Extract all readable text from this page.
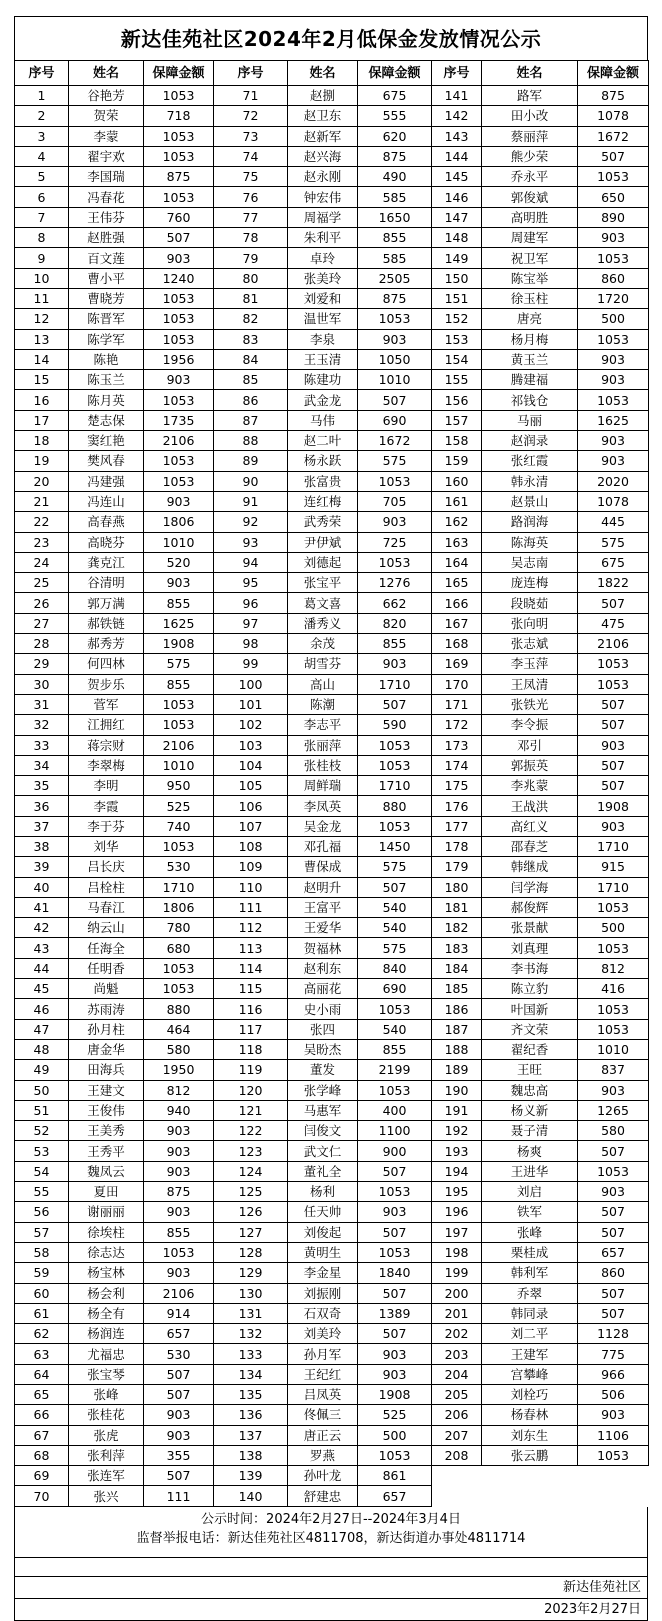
新达佳苑社区2024年2月低保金发放情况公示
序号	姓名	保障金额	序号	姓名	保障金额	序号	姓名	保障金额
1	谷艳芳	1053	71	赵捌	675	141	路军	875
2	贺荣	718	72	赵卫东	555	142	田小改	1078
3	李蒙	1053	73	赵新军	620	143	蔡丽萍	1672
4	翟宇欢	1053	74	赵兴海	875	144	熊少荣	507
5	李国瑞	875	75	赵永刚	490	145	乔永平	1053
6	冯春花	1053	76	钟宏伟	585	146	郭俊斌	650
7	王伟芬	760	77	周福学	1650	147	高明胜	890
8	赵胜强	507	78	朱利平	855	148	周建军	903
9	百文莲	903	79	卓玲	585	149	祝卫军	1053
10	曹小平	1240	80	张美玲	2505	150	陈宝举	860
11	曹晓芳	1053	81	刘爱和	875	151	徐玉柱	1720
12	陈晋军	1053	82	温世军	1053	152	唐亮	500
13	陈学军	1053	83	李泉	903	153	杨月梅	1053
14	陈艳	1956	84	王玉清	1050	154	黄玉兰	903
15	陈玉兰	903	85	陈建功	1010	155	腾建福	903
16	陈月英	1053	86	武金龙	507	156	祁钱仓	1053
17	楚志保	1735	87	马伟	690	157	马丽	1625
18	窦红艳	2106	88	赵二叶	1672	158	赵润录	903
19	樊风春	1053	89	杨永跃	575	159	张红霞	903
20	冯建强	1053	90	张富贵	1053	160	韩永清	2020
21	冯连山	903	91	连红梅	705	161	赵景山	1078
22	高春燕	1806	92	武秀荣	903	162	路润海	445
23	高晓芬	1010	93	尹伊斌	725	163	陈海英	575
24	龚克江	520	94	刘德起	1053	164	吴志南	675
25	谷清明	903	95	张宝平	1276	165	庞连梅	1822
26	郭万满	855	96	葛文喜	662	166	段晓茹	507
27	郝铁链	1625	97	潘秀义	820	167	张向明	475
28	郝秀芳	1908	98	余茂	855	168	张志斌	2106
29	何四林	575	99	胡雪芬	903	169	李玉萍	1053
30	贺步乐	855	100	高山	1710	170	王凤清	1053
31	菅军	1053	101	陈潮	507	171	张铁光	507
32	江拥红	1053	102	李志平	590	172	李令振	507
33	蒋宗财	2106	103	张丽萍	1053	173	邓引	903
34	李翠梅	1010	104	张桂枝	1053	174	郭振英	507
35	李明	950	105	周鲜瑞	1710	175	李兆蒙	507
36	李霞	525	106	李凤英	880	176	王战洪	1908
37	李于芬	740	107	吴金龙	1053	177	高红义	903
38	刘华	1053	108	邓孔福	1450	178	邵春芝	1710
39	吕长庆	530	109	曹保成	575	179	韩继成	915
40	吕栓柱	1710	110	赵明升	507	180	闫学海	1710
41	马春江	1806	111	王富平	540	181	郝俊辉	1053
42	纳云山	780	112	王爱华	540	182	张景献	500
43	任海全	680	113	贺福林	575	183	刘真理	1053
44	任明香	1053	114	赵利东	840	184	李书海	812
45	尚魁	1053	115	高丽花	690	185	陈立豹	416
46	苏雨涛	880	116	史小雨	1053	186	叶国新	1053
47	孙月柱	464	117	张四	540	187	齐文荣	1053
48	唐金华	580	118	吴盼杰	855	188	翟纪香	1010
49	田海兵	1950	119	董发	2199	189	王旺	837
50	王建文	812	120	张学峰	1053	190	魏忠高	903
51	王俊伟	940	121	马惠军	400	191	杨义新	1265
52	王美秀	903	122	闫俊文	1100	192	聂子清	580
53	王秀平	903	123	武文仁	900	193	杨爽	507
54	魏凤云	903	124	董礼全	507	194	王进华	1053
55	夏田	875	125	杨利	1053	195	刘启	903
56	谢丽丽	903	126	任天帅	903	196	铁军	507
57	徐埃柱	855	127	刘俊起	507	197	张峰	507
58	徐志达	1053	128	黄明生	1053	198	栗桂成	657
59	杨宝林	903	129	李金星	1840	199	韩利军	860
60	杨会利	2106	130	刘振刚	507	200	乔翠	507
61	杨全有	914	131	石双奇	1389	201	韩同录	507
62	杨润连	657	132	刘美玲	507	202	刘二平	1128
63	尤福忠	530	133	孙月军	903	203	王建军	775
64	张宝琴	507	134	王纪红	903	204	宫攀峰	966
65	张峰	507	135	吕凤英	1908	205	刘栓巧	506
66	张桂花	903	136	佟佩三	525	206	杨春林	903
67	张虎	903	137	唐正云	500	207	刘东生	1106
68	张利萍	355	138	罗燕	1053	208	张云鹏	1053
69	张连军	507	139	孙叶龙	861			
70	张兴	111	140	舒建忠	657			
公示时间：2024年2月27日--2024年3月4日
监督举报电话：新达佳苑社区4811708，新达街道办事处4811714
新达佳苑社区
2023年2月27日
